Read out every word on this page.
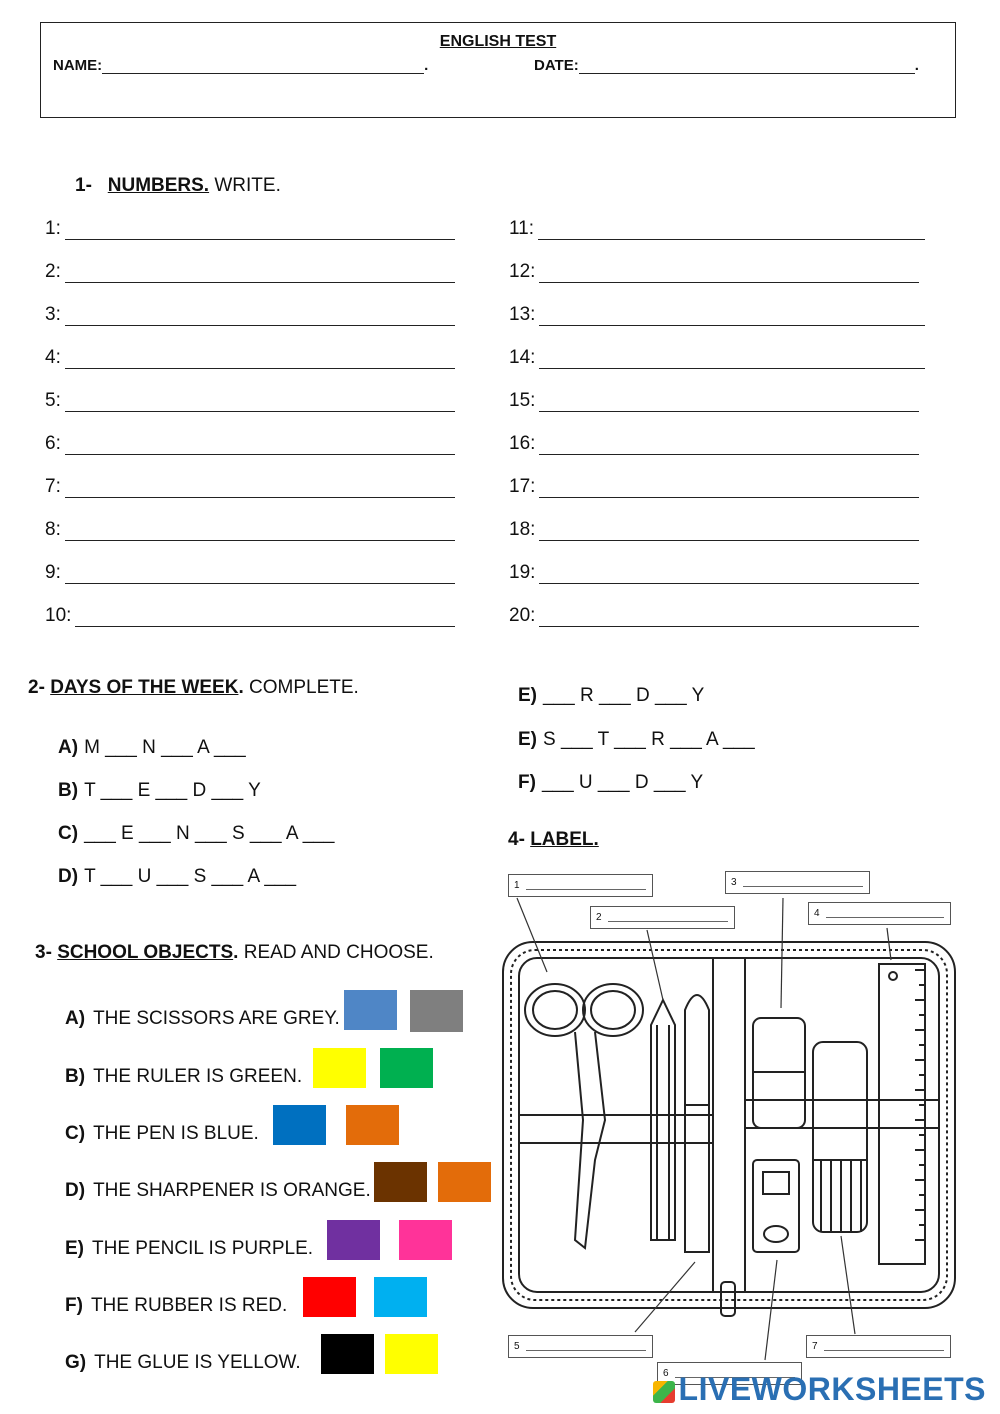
ENGLISH TEST
NAME:	.	DATE:	.
1- NUMBERS. WRITE.
1:
2:
3:
4:
5:
6:
7:
8:
9:
10:
11:
12:
13:
14:
15:
16:
17:
18:
19:
20:
2- DAYS OF THE WEEK. COMPLETE.
A) M ___ N ___ A ___
B) T ___ E ___ D ___ Y
C) ___ E ___ N ___ S ___ A ___
D) T ___ U ___ S ___ A ___
E) ___ R ___ D ___ Y
E) S ___ T ___ R ___ A ___
F) ___ U ___ D ___ Y
3- SCHOOL OBJECTS. READ AND CHOOSE.
A) THE SCISSORS ARE GREY.
B) THE RULER IS GREEN.
C) THE PEN IS BLUE.
D) THE SHARPENER IS ORANGE.
E) THE PENCIL IS PURPLE.
F) THE RUBBER IS RED.
G) THE GLUE IS YELLOW.
4- LABEL.
1
2
3
4
5
6
7
LIVEWORKSHEETS
